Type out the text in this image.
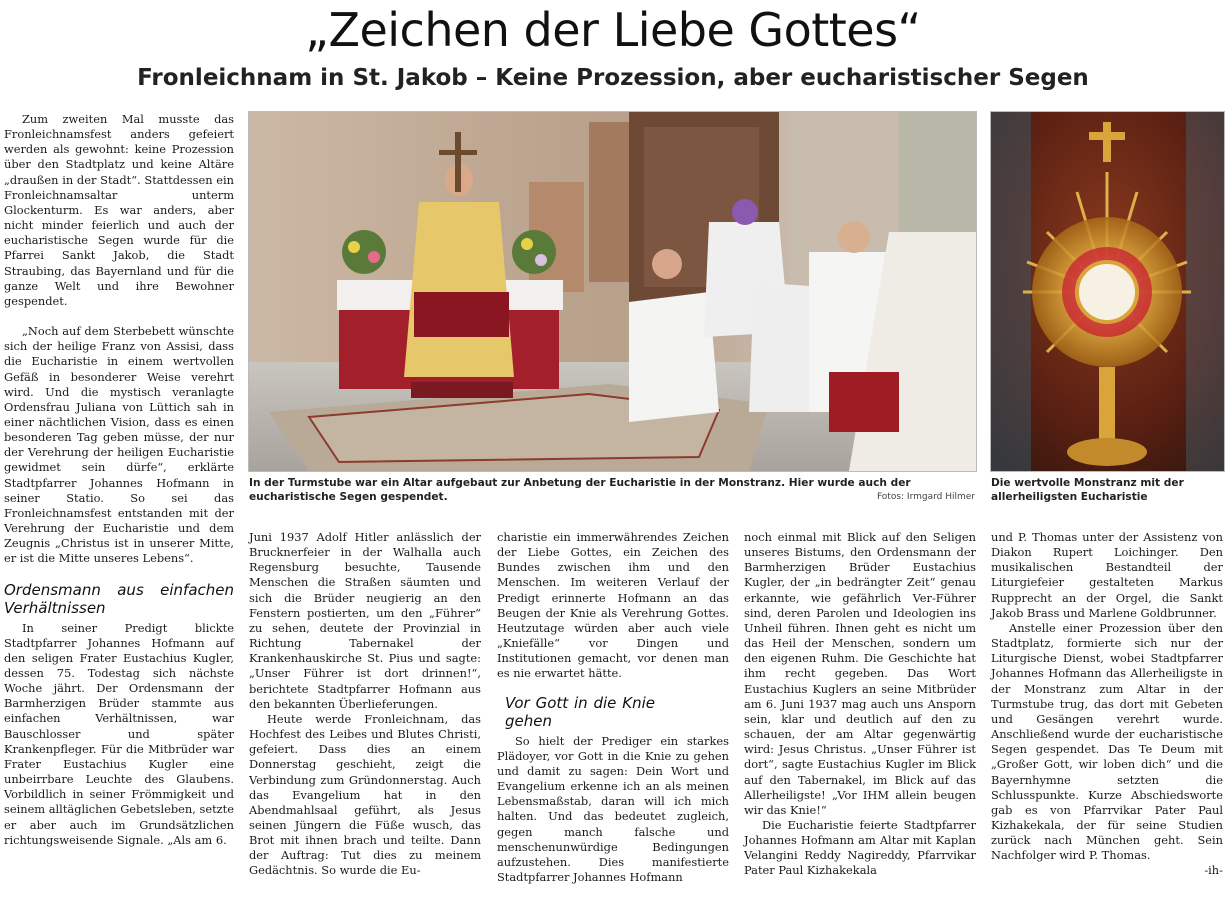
„Zeichen der Liebe Gottes“
Fronleichnam in St. Jakob – Keine Prozession, aber eucharistischer Segen
In der Turmstube war ein Altar aufgebaut zur Anbetung der Eucharistie in der Monstranz. Hier wurde auch der eucharistische Segen gespendet.	Fotos: Irmgard Hilmer
Die wertvolle Monstranz mit der allerheiligsten Eucharistie

Zum zweiten Mal musste das Fronleichnamsfest anders gefeiert werden als gewohnt: keine Prozession über den Stadtplatz und keine Altäre „draußen in der Stadt“. Stattdessen ein Fronleichnamsaltar unterm Glockenturm. Es war anders, aber nicht minder feierlich und auch der eucharistische Segen wurde für die Pfarrei Sankt Jakob, die Stadt Straubing, das Bayernland und für die ganze Welt und ihre Bewohner gespendet.

„Noch auf dem Sterbebett wünschte sich der heilige Franz von Assisi, dass die Eucharistie in einem wertvollen Gefäß in besonderer Weise verehrt wird. Und die mystisch veranlagte Ordensfrau Juliana von Lüttich sah in einer nächtlichen Vision, dass es einen besonderen Tag geben müsse, der nur der Verehrung der heiligen Eucharistie gewidmet sein dürfe“, erklärte Stadtpfarrer Johannes Hofmann in seiner Statio. So sei das Fronleichnamsfest entstanden mit der Verehrung der Eucharistie und dem Zeugnis „Christus ist in unserer Mitte, er ist die Mitte unseres Lebens“.

Ordensmann aus einfachen Verhältnissen

In seiner Predigt blickte Stadtpfarrer Johannes Hofmann auf den seligen Frater Eustachius Kugler, dessen 75. Todestag sich nächste Woche jährt. Der Ordensmann der Barmherzigen Brüder stammte aus einfachen Verhältnissen, war Bauschlosser und später Krankenpfleger. Für die Mitbrüder war Frater Eustachius Kugler eine unbeirrbare Leuchte des Glaubens. Vorbildlich in seiner Frömmigkeit und seinem alltäglichen Gebetsleben, setzte er aber auch im Grundsätzlichen richtungsweisende Signale. „Als am 6.

Juni 1937 Adolf Hitler anlässlich der Brucknerfeier in der Walhalla auch Regensburg besuchte, Tausende Menschen die Straßen säumten und sich die Brüder neugierig an den Fenstern postierten, um den „Führer“ zu sehen, deutete der Provinzial in Richtung Tabernakel der Krankenhauskirche St. Pius und sagte: „Unser Führer ist dort drinnen!“, berichtete Stadtpfarrer Hofmann aus den bekannten Überlieferungen.

Heute werde Fronleichnam, das Hochfest des Leibes und Blutes Christi, gefeiert. Dass dies an einem Donnerstag geschieht, zeigt die Verbindung zum Gründonnerstag. Auch das Evangelium hat in den Abendmahlsaal geführt, als Jesus seinen Jüngern die Füße wusch, das Brot mit ihnen brach und teilte. Dann der Auftrag: Tut dies zu meinem Gedächtnis. So wurde die Eu-

charistie ein immerwährendes Zeichen der Liebe Gottes, ein Zeichen des Bundes zwischen ihm und den Menschen. Im weiteren Verlauf der Predigt erinnerte Hofmann an das Beugen der Knie als Verehrung Gottes. Heutzutage würden aber auch viele „Kniefälle“ vor Dingen und Institutionen gemacht, vor denen man es nie erwartet hätte.

Vor Gott in die Knie gehen

So hielt der Prediger ein starkes Plädoyer, vor Gott in die Knie zu gehen und damit zu sagen: Dein Wort und Evangelium erkenne ich an als meinen Lebensmaßstab, daran will ich mich halten. Und das bedeutet zugleich, gegen manch falsche und menschenunwürdige Bedingungen aufzustehen. Dies manifestierte Stadtpfarrer Johannes Hofmann

noch einmal mit Blick auf den Seligen unseres Bistums, den Ordensmann der Barmherzigen Brüder Eustachius Kugler, der „in bedrängter Zeit“ genau erkannte, wie gefährlich Ver-Führer sind, deren Parolen und Ideologien ins Unheil führen. Ihnen geht es nicht um das Heil der Menschen, sondern um den eigenen Ruhm. Die Geschichte hat ihm recht gegeben. Das Wort Eustachius Kuglers an seine Mitbrüder am 6. Juni 1937 mag auch uns Ansporn sein, klar und deutlich auf den zu schauen, der am Altar gegenwärtig wird: Jesus Christus. „Unser Führer ist dort“, sagte Eustachius Kugler im Blick auf den Tabernakel, im Blick auf das Allerheiligste! „Vor IHM allein beugen wir das Knie!“

Die Eucharistie feierte Stadtpfarrer Johannes Hofmann am Altar mit Kaplan Velangini Reddy Nagireddy, Pfarrvikar Pater Paul Kizhakekala

und P. Thomas unter der Assistenz von Diakon Rupert Loichinger. Den musikalischen Bestandteil der Liturgiefeier gestalteten Markus Rupprecht an der Orgel, die Sankt Jakob Brass und Marlene Goldbrunner.

Anstelle einer Prozession über den Stadtplatz, formierte sich nur der Liturgische Dienst, wobei Stadtpfarrer Johannes Hofmann das Allerheiligste in der Monstranz zum Altar in der Turmstube trug, das dort mit Gebeten und Gesängen verehrt wurde. Anschließend wurde der eucharistische Segen gespendet. Das Te Deum mit „Großer Gott, wir loben dich“ und die Bayernhymne setzten die Schlusspunkte. Kurze Abschiedsworte gab es von Pfarrvikar Pater Paul Kizhakekala, der für seine Studien zurück nach München geht. Sein Nachfolger wird P. Thomas.

-ih-
